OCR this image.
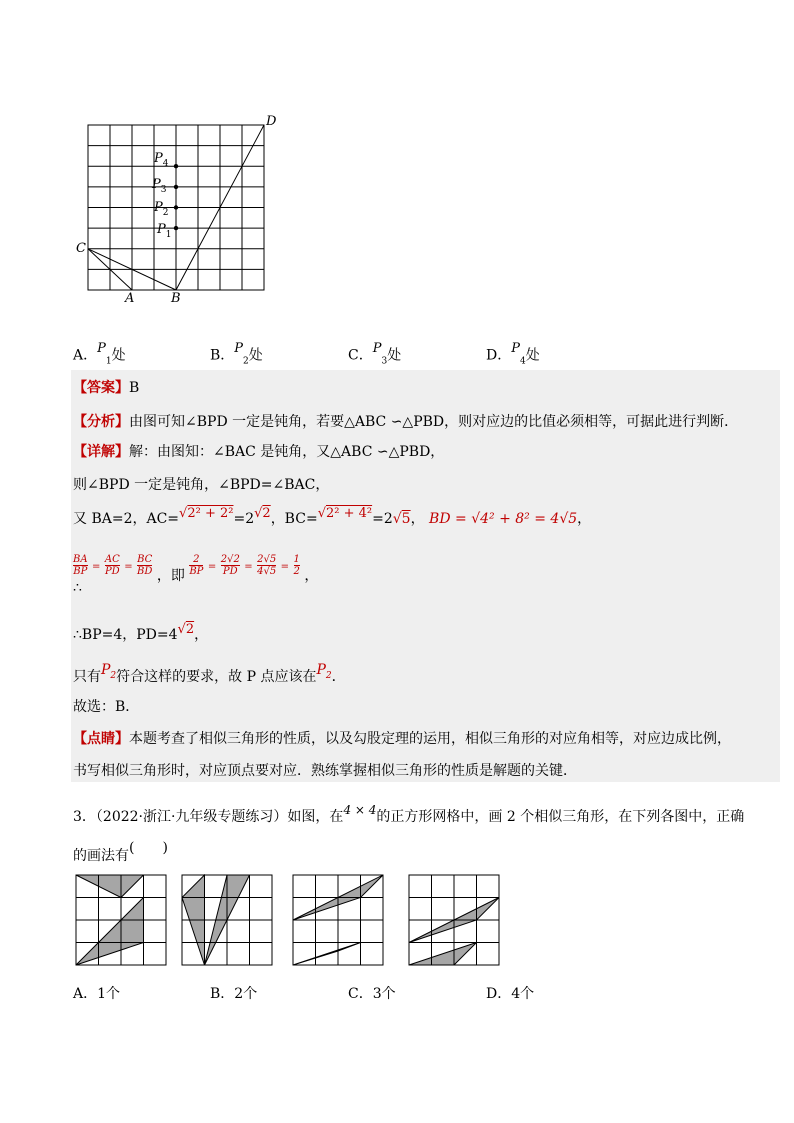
C
A	B
D
$P_4$
$P_3$
$P_2$
$P_1$
A．$^P_1$处	B．$^P_2$处	C．$^P_3$处	D．$^P_4$处
【答案】B
【分析】由图可知∠BPD 一定是钝角，若要△ABC ∽△PBD，则对应边的比值必须相等，可据此进行判断．
【详解】解：由图知：∠BAC 是钝角，又△ABC ∽△PBD，
则∠BPD 一定是钝角，∠BPD=∠BAC，
又 BA=2，AC=√2² + 2²=2√2，BC=√2² + 4²=2√5， BD = √4² + 8² = 4√5，
$\frac{BA}{BP} = \frac{AC}{PD} = \frac{BC}{BD}$ ，即 $\frac{2}{BP} = \frac{2√2}{PD} = \frac{2√5}{4√5} = \frac{1}{2}$ ，
∴
∴BP=4，PD=4√2，
只有$P_2$符合这样的要求，故 P 点应该在$P_2$．
故选：B．
【点睛】本题考查了相似三角形的性质，以及勾股定理的运用，相似三角形的对应角相等，对应边成比例，
书写相似三角形时，对应顶点要对应．熟练掌握相似三角形的性质是解题的关键．
3．（2022·浙江·九年级专题练习）如图，在4 × 4的正方形网格中，画 2 个相似三角形，在下列各图中，正确
的画法有(　　)
A．1个	B．2个	C．3个	D．4个
